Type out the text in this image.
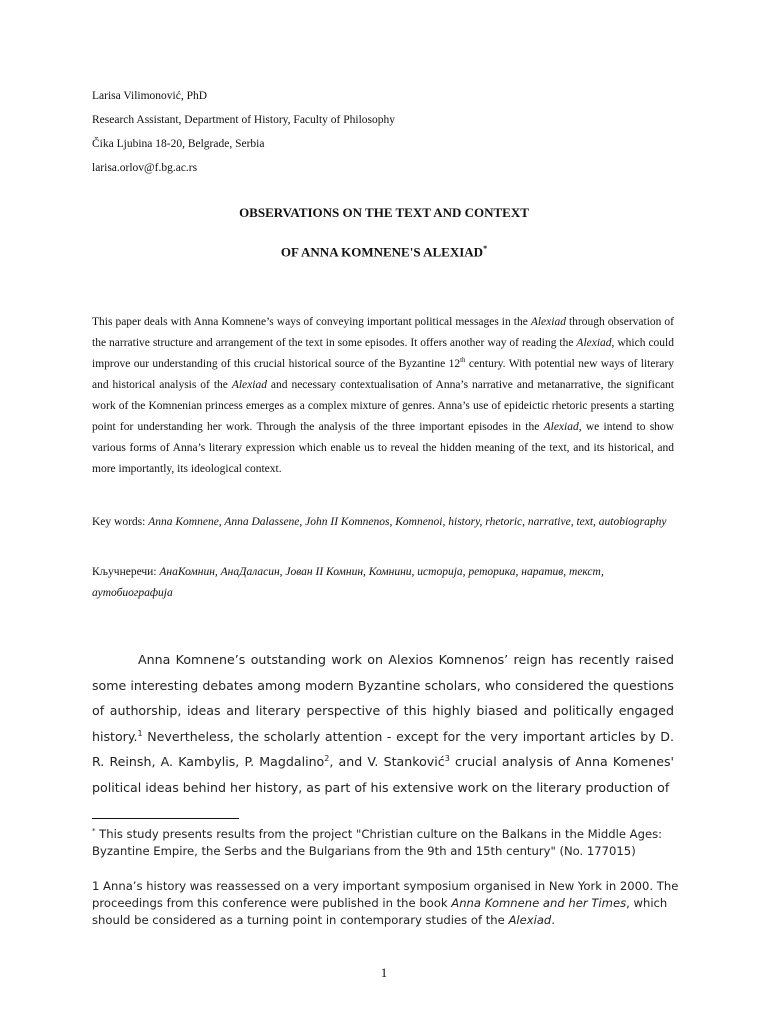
Larisa Vilimonović, PhD
Research Assistant, Department of History, Faculty of Philosophy
Čika Ljubina 18-20, Belgrade, Serbia
larisa.orlov@f.bg.ac.rs
OBSERVATIONS ON THE TEXT AND CONTEXT
OF ANNA KOMNENE'S ALEXIAD*
This paper deals with Anna Komnene’s ways of conveying important political messages in the Alexiad through observation of the narrative structure and arrangement of the text in some episodes. It offers another way of reading the Alexiad, which could improve our understanding of this crucial historical source of the Byzantine 12th century. With potential new ways of literary and historical analysis of the Alexiad and necessary contextualisation of Anna’s narrative and metanarrative, the significant work of the Komnenian princess emerges as a complex mixture of genres. Anna’s use of epideictic rhetoric presents a starting point for understanding her work. Through the analysis of the three important episodes in the Alexiad, we intend to show various forms of Anna’s literary expression which enable us to reveal the hidden meaning of the text, and its historical, and more importantly, its ideological context.
Key words: Anna Komnene, Anna Dalassene, John II Komnenos, Komnenoi, history, rhetoric, narrative, text, autobiography
Кључнеречи: АнаКомнин, АнаДаласин, Јован II Комнин, Комнини, историја, реторика, наратив, текст, аутобиографија

Anna Komnene’s outstanding work on Alexios Komnenos’ reign has recently raised some interesting debates among modern Byzantine scholars, who considered the questions of authorship, ideas and literary perspective of this highly biased and politically engaged history.$^1$ Nevertheless, the scholarly attention - except for the very important articles by D. R. Reinsh, A. Kambylis, P. Magdalino$^2$, and V. Stanković$^3$ crucial analysis of Anna Komenes' political ideas behind her history, as part of his extensive work on the literary production of

* This study presents results from the project "Christian culture on the Balkans in the Middle Ages: Byzantine Empire, the Serbs and the Bulgarians from the 9th and 15th century" (No. 177015)

1 Anna’s history was reassessed on a very important symposium organised in New York in 2000. The proceedings from this conference were published in the book Anna Komnene and her Times, which should be considered as a turning point in contemporary studies of the Alexiad.

1
